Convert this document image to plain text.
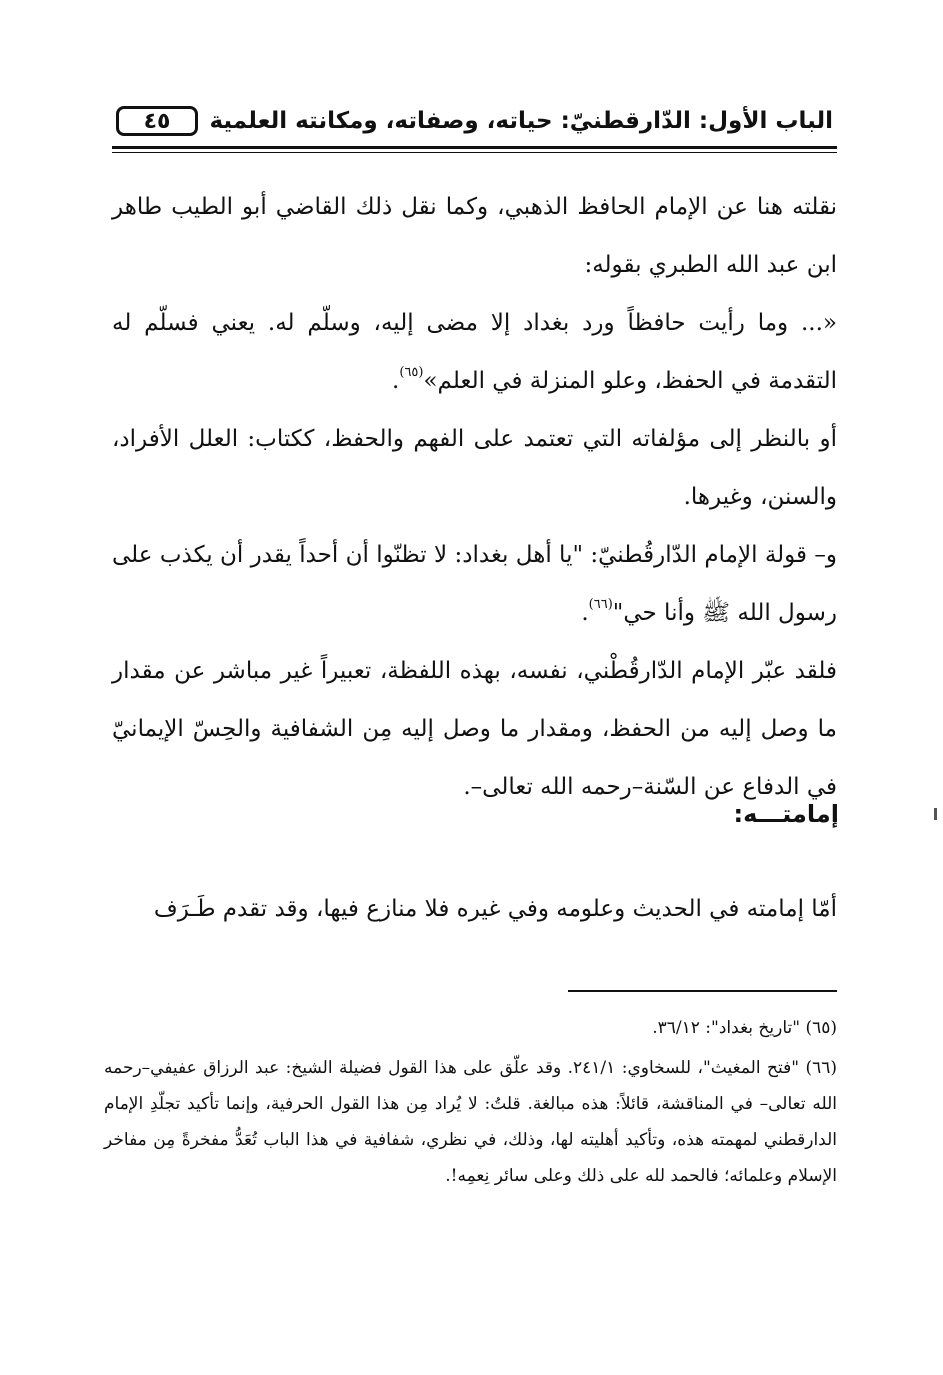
الباب الأول: الدّارقطنيّ: حياته، وصفاته، ومكانته العلمية
٤٥

نقلته هنا عن الإمام الحافظ الذهبي، وكما نقل ذلك القاضي أبو الطيب طاهر ابن عبد الله الطبري بقوله:

«... وما رأيت حافظاً ورد بغداد إلا مضى إليه، وسلّم له. يعني فسلّم له التقدمة في الحفظ، وعلو المنزلة في العلم»$^{(٦٥)}$.

أو بالنظر إلى مؤلفاته التي تعتمد على الفهم والحفظ، ككتاب: العلل الأفراد، والسنن، وغيرها.

و– قولة الإمام الدّارقُطنيّ: "يا أهل بغداد: لا تظنّوا أن أحداً يقدر أن يكذب على رسول الله ﷺ وأنا حي"$^{(٦٦)}$.

فلقد عبّر الإمام الدّارقُطْني، نفسه، بهذه اللفظة، تعبيراً غير مباشر عن مقدار ما وصل إليه من الحفظ، ومقدار ما وصل إليه مِن الشفافية والحِسّ الإيمانيّ في الدفاع عن السّنة–رحمه الله تعالى–.

إمامتـــه:

أمّا إمامته في الحديث وعلومه وفي غيره فلا منازع فيها، وقد تقدم طَـرَف

(٦٥) "تاريخ بغداد": ٣٦/١٢.

(٦٦) "فتح المغيث"، للسخاوي: ٢٤١/١. وقد علّق على هذا القول فضيلة الشيخ: عبد الرزاق عفيفي–رحمه الله تعالى– في المناقشة، قائلاً: هذه مبالغة. قلتُ: لا يُراد مِن هذا القول الحرفية، وإنما تأكيد تجلّدِ الإمام الدارقطني لمهمته هذه، وتأكيد أهليته لها، وذلك، في نظري، شفافية في هذا الباب تُعَدُّ مفخرةً مِن مفاخر الإسلام وعلمائه؛ فالحمد لله على ذلك وعلى سائر نِعمِه!.
